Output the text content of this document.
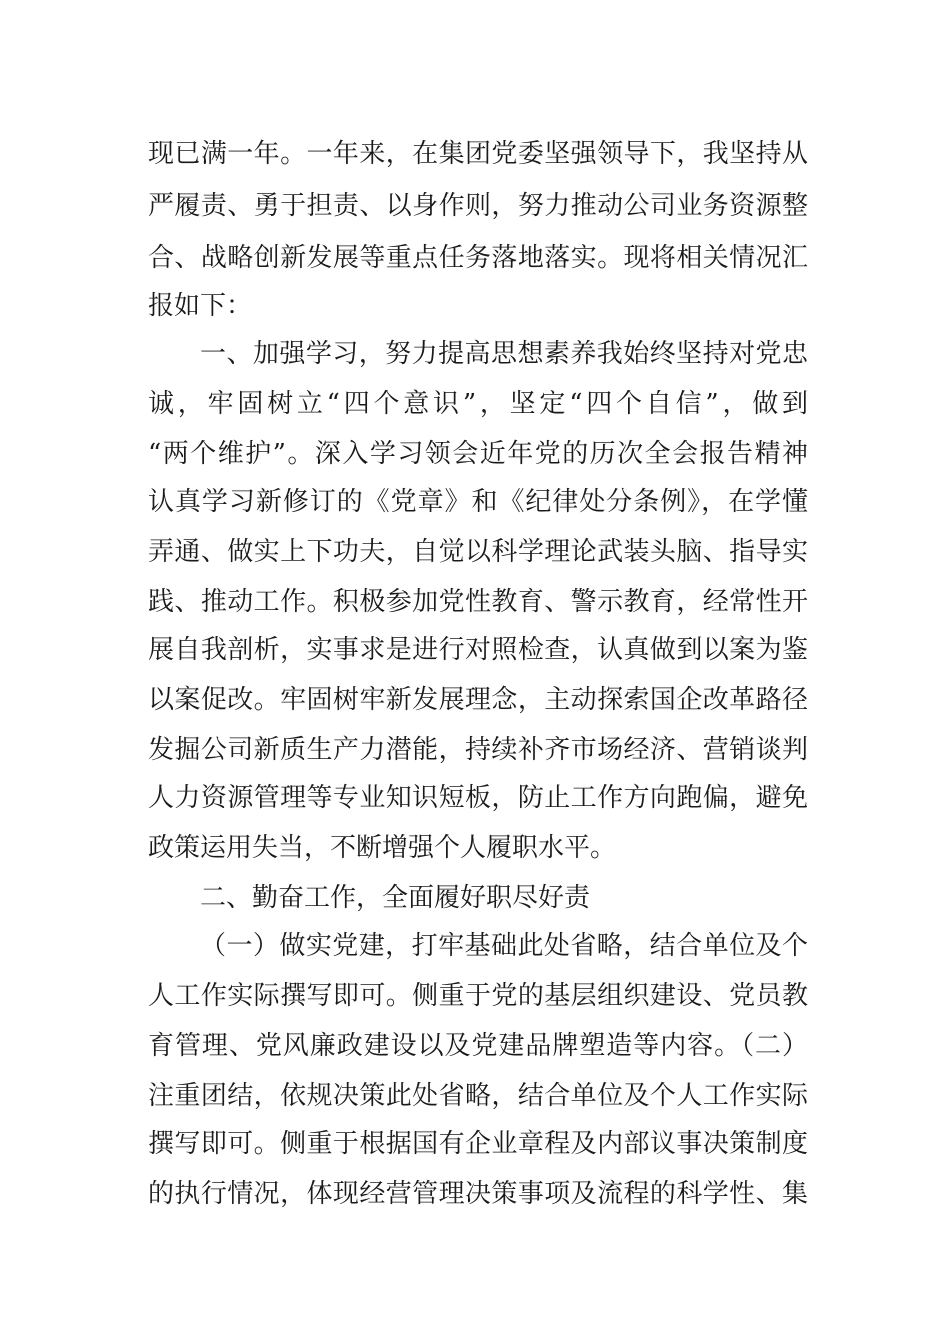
现已满一年。一年来，在集团党委坚强领导下，我坚持从
严履责、勇于担责、以身作则，努力推动公司业务资源整
合、战略创新发展等重点任务落地落实。现将相关情况汇
报如下：
一、加强学习，努力提高思想素养我始终坚持对党忠
诚，牢固树立“四个意识”，坚定“四个自信”，做到
“两个维护”。深入学习领会近年党的历次全会报告精神
认真学习新修订的《党章》和《纪律处分条例》，在学懂
弄通、做实上下功夫，自觉以科学理论武装头脑、指导实
践、推动工作。积极参加党性教育、警示教育，经常性开
展自我剖析，实事求是进行对照检查，认真做到以案为鉴
以案促改。牢固树牢新发展理念，主动探索国企改革路径
发掘公司新质生产力潜能，持续补齐市场经济、营销谈判
人力资源管理等专业知识短板，防止工作方向跑偏，避免
政策运用失当，不断增强个人履职水平。
二、勤奋工作，全面履好职尽好责
（一）做实党建，打牢基础此处省略，结合单位及个
人工作实际撰写即可。侧重于党的基层组织建设、党员教
育管理、党风廉政建设以及党建品牌塑造等内容。（二）
注重团结，依规决策此处省略，结合单位及个人工作实际
撰写即可。侧重于根据国有企业章程及内部议事决策制度
的执行情况，体现经营管理决策事项及流程的科学性、集
